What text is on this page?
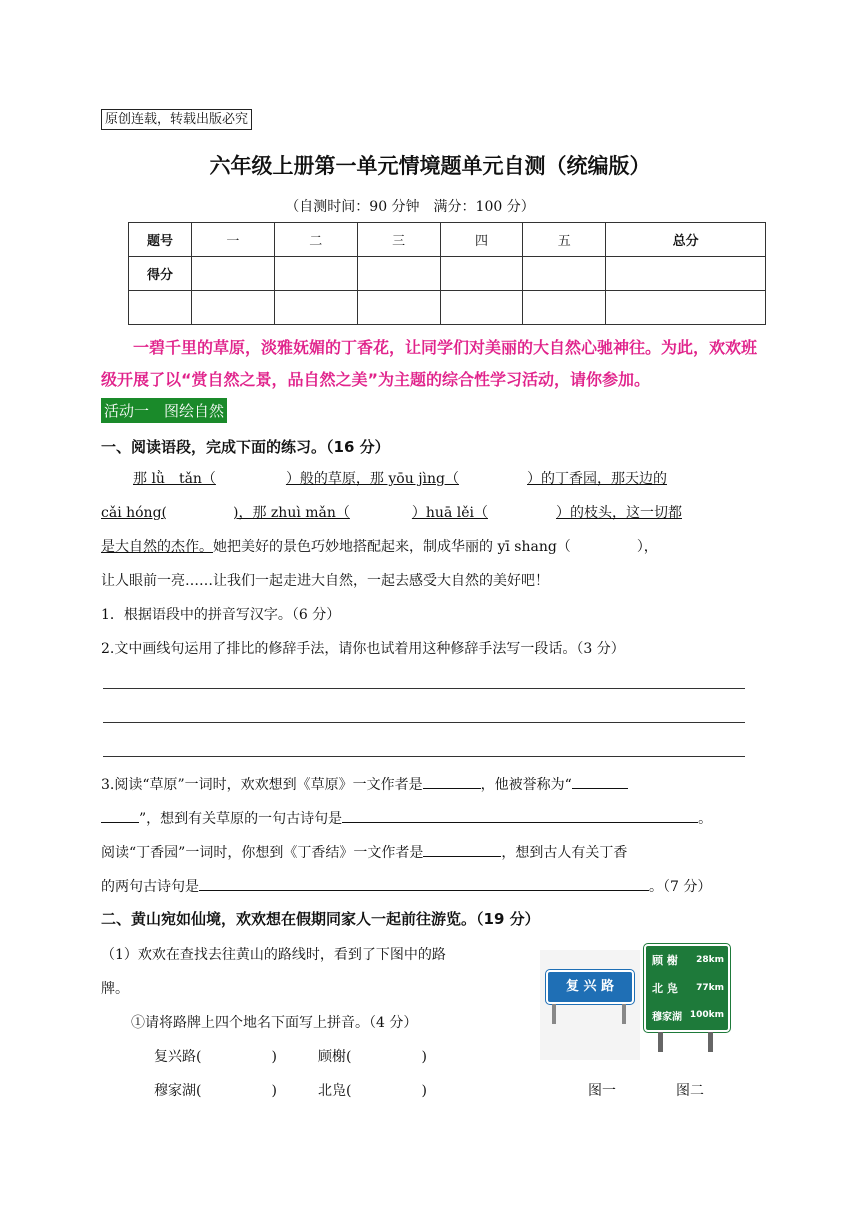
原创连载，转载出版必究
六年级上册第一单元情境题单元自测（统编版）
（自测时间：90 分钟　满分：100 分）
题号	一	二	三	四	五	总分
得分						

一碧千里的草原，淡雅妩媚的丁香花，让同学们对美丽的大自然心驰神往。为此，欢欢班级开展了以“赏自然之景，品自然之美”为主题的综合性学习活动，请你参加。
活动一　图绘自然
一、阅读语段，完成下面的练习。（16 分）
那 lǜ　tǎn（	）般的草原，那 yōu jìng（	）的丁香园，那天边的
cǎi hóng(	)，那 zhuì mǎn（	）huā lěi（	）的枝头，这一切都
是大自然的杰作。她把美好的景色巧妙地搭配起来，制成华丽的 yī shang（	），
让人眼前一亮……让我们一起走进大自然，一起去感受大自然的美好吧！
1．根据语段中的拼音写汉字。（6 分）
2.文中画线句运用了排比的修辞手法，请你也试着用这种修辞手法写一段话。（3 分）
3.阅读“草原”一词时，欢欢想到《草原》一文作者是	，他被誉称为“
”，想到有关草原的一句古诗句是	。
阅读“丁香园”一词时，你想到《丁香结》一文作者是	，想到古人有关丁香
的两句古诗句是	。（7 分）
二、黄山宛如仙境，欢欢想在假期同家人一起前往游览。（19 分）
（1）欢欢在查找去往黄山的路线时，看到了下图中的路
牌。
①请将路牌上四个地名下面写上拼音。（4 分）
复兴路(	)	顾榭(	)
穆家湖(	)	北凫(	)
复 兴 路
顾 榭 28km
北 凫 77km
穆家湖 100km
图一	图二
